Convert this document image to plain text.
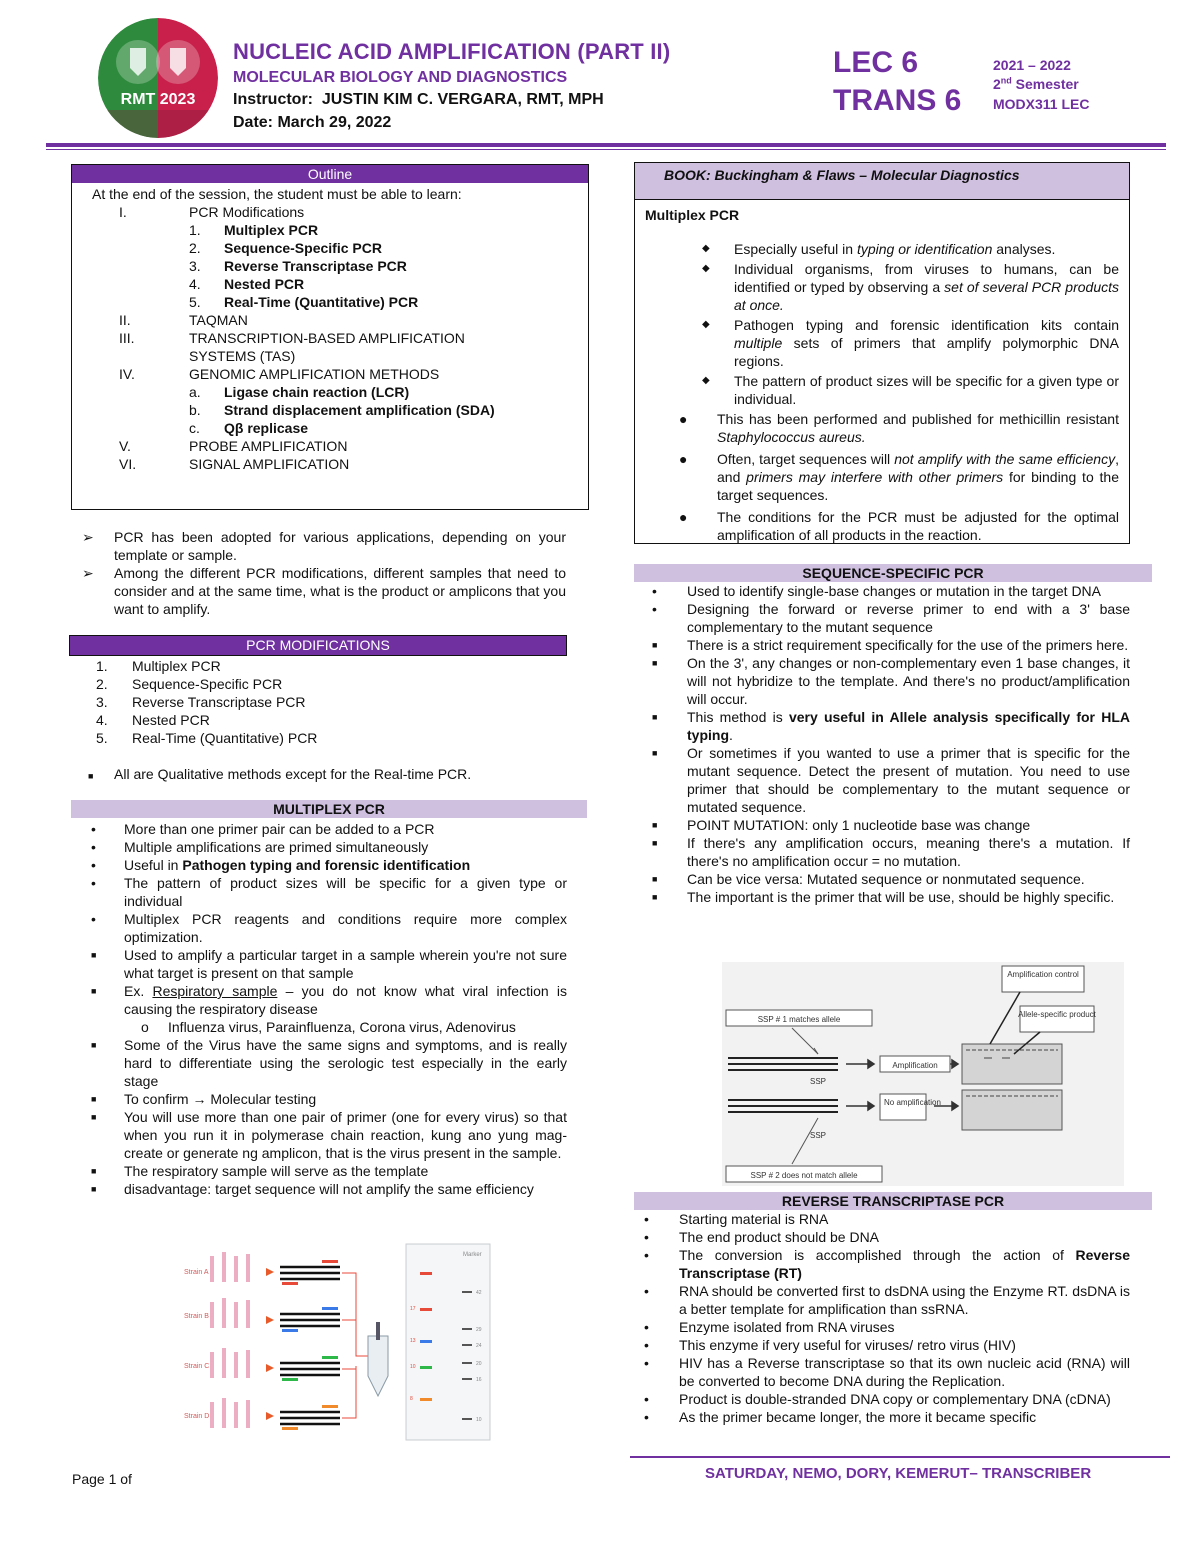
RMT 2023
NUCLEIC ACID AMPLIFICATION (PART II)
MOLECULAR BIOLOGY AND DIAGNOSTICS
Instructor: JUSTIN KIM C. VERGARA, RMT, MPH
Date: March 29, 2022
LEC 6
TRANS 6
2021 – 2022
2nd Semester
MODX311 LEC
Outline
At the end of the session, the student must be able to learn:
I.	PCR Modifications
1.	Multiplex PCR
2.	Sequence-Specific PCR
3.	Reverse Transcriptase PCR
4.	Nested PCR
5.	Real-Time (Quantitative) PCR
II.	TAQMAN
III.	TRANSCRIPTION-BASED AMPLIFICATION
SYSTEMS (TAS)
IV.	GENOMIC AMPLIFICATION METHODS
a.	Ligase chain reaction (LCR)
b.	Strand displacement amplification (SDA)
c.	Qβ replicase
V.	PROBE AMPLIFICATION
VI.	SIGNAL AMPLIFICATION
➢ PCR has been adopted for various applications, depending on your template or sample.
➢ Among the different PCR modifications, different samples that need to consider and at the same time, what is the product or amplicons that you want to amplify.
PCR MODIFICATIONS
1.	Multiplex PCR
2.	Sequence-Specific PCR
3.	Reverse Transcriptase PCR
4.	Nested PCR
5.	Real-Time (Quantitative) PCR
■ All are Qualitative methods except for the Real-time PCR.
MULTIPLEX PCR
• More than one primer pair can be added to a PCR
• Multiple amplifications are primed simultaneously
• Useful in Pathogen typing and forensic identification
• The pattern of product sizes will be specific for a given type or individual
• Multiplex PCR reagents and conditions require more complex optimization.
■ Used to amplify a particular target in a sample wherein you're not sure what target is present on that sample
■ Ex. Respiratory sample – you do not know what viral infection is causing the respiratory disease
o Influenza virus, Parainfluenza, Corona virus, Adenovirus
■ Some of the Virus have the same signs and symptoms, and is really hard to differentiate using the serologic test especially in the early stage
■ To confirm → Molecular testing
■ You will use more than one pair of primer (one for every virus) so that when you run it in polymerase chain reaction, kung ano yung mag-create or generate ng amplicon, that is the virus present in the sample.
■ The respiratory sample will serve as the template
■ disadvantage: target sequence will not amplify the same efficiency
Strain A
Strain B
Strain C
Strain D
Marker
17
13
10
8
42
29
24
20
16
10
BOOK: Buckingham & Flaws – Molecular Diagnostics
Multiplex PCR
◆ Especially useful in typing or identification analyses.
◆ Individual organisms, from viruses to humans, can be identified or typed by observing a set of several PCR products at once.
◆ Pathogen typing and forensic identification kits contain multiple sets of primers that amplify polymorphic DNA regions.
◆ The pattern of product sizes will be specific for a given type or individual.
● This has been performed and published for methicillin resistant Staphylococcus aureus.
● Often, target sequences will not amplify with the same efficiency, and primers may interfere with other primers for binding to the target sequences.
● The conditions for the PCR must be adjusted for the optimal amplification of all products in the reaction.
SEQUENCE-SPECIFIC PCR
• Used to identify single-base changes or mutation in the target DNA
• Designing the forward or reverse primer to end with a 3' base complementary to the mutant sequence
■ There is a strict requirement specifically for the use of the primers here.
■ On the 3', any changes or non-complementary even 1 base changes, it will not hybridize to the template. And there's no product/amplification will occur.
■ This method is very useful in Allele analysis specifically for HLA typing.
■ Or sometimes if you wanted to use a primer that is specific for the mutant sequence. Detect the present of mutation. You need to use primer that should be complementary to the mutant sequence or mutated sequence.
■ POINT MUTATION: only 1 nucleotide base was change
■ If there's any amplification occurs, meaning there's a mutation. If there's no amplification occur = no mutation.
■ Can be vice versa: Mutated sequence or nonmutated sequence.
■ The important is the primer that will be use, should be highly specific.
Amplification control
Allele-specific product
SSP # 1 matches allele
SSP # 2 does not match allele
SSP
SSP
Amplification
No amplification
REVERSE TRANSCRIPTASE PCR
• Starting material is RNA
• The end product should be DNA
• The conversion is accomplished through the action of Reverse Transcriptase (RT)
• RNA should be converted first to dsDNA using the Enzyme RT. dsDNA is a better template for amplification than ssRNA.
• Enzyme isolated from RNA viruses
• This enzyme if very useful for viruses/ retro virus (HIV)
• HIV has a Reverse transcriptase so that its own nucleic acid (RNA) will be converted to become DNA during the Replication.
• Product is double-stranded DNA copy or complementary DNA (cDNA)
• As the primer became longer, the more it became specific
Page 1 of	SATURDAY, NEMO, DORY, KEMERUT– TRANSCRIBER
